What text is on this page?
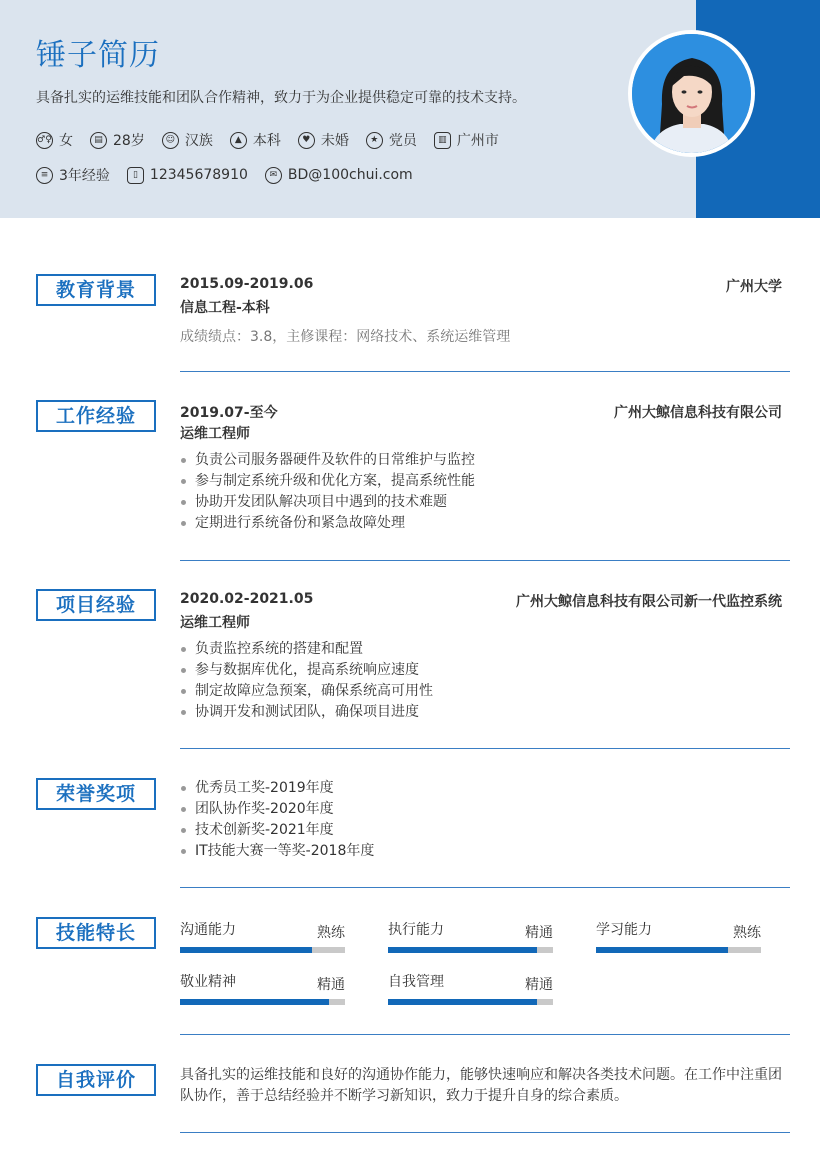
锤子简历
具备扎实的运维技能和团队合作精神，致力于为企业提供稳定可靠的技术支持。
♂♀ 女	▤ 28岁	☺ 汉族	▲ 本科	♥ 未婚	★ 党员	▥ 广州市
≡ 3年经验	▯ 12345678910	✉ BD@100chui.com
教育背景	2015.09-2019.06	广州大学
信息工程-本科
成绩绩点：3.8，主修课程：网络技术、系统运维管理
工作经验	2019.07-至今	广州大鲸信息科技有限公司
运维工程师
负责公司服务器硬件及软件的日常维护与监控
参与制定系统升级和优化方案，提高系统性能
协助开发团队解决项目中遇到的技术难题
定期进行系统备份和紧急故障处理
项目经验	2020.02-2021.05	广州大鲸信息科技有限公司新一代监控系统
运维工程师
负责监控系统的搭建和配置
参与数据库优化，提高系统响应速度
制定故障应急预案，确保系统高可用性
协调开发和测试团队，确保项目进度
荣誉奖项	优秀员工奖-2019年度
团队协作奖-2020年度
技术创新奖-2021年度
IT技能大赛一等奖-2018年度
技能特长	沟通能力	熟练	执行能力	精通	学习能力	熟练
敬业精神	精通	自我管理	精通
自我评价	具备扎实的运维技能和良好的沟通协作能力，能够快速响应和解决各类技术问题。在工作中注重团队协作，善于总结经验并不断学习新知识，致力于提升自身的综合素质。
